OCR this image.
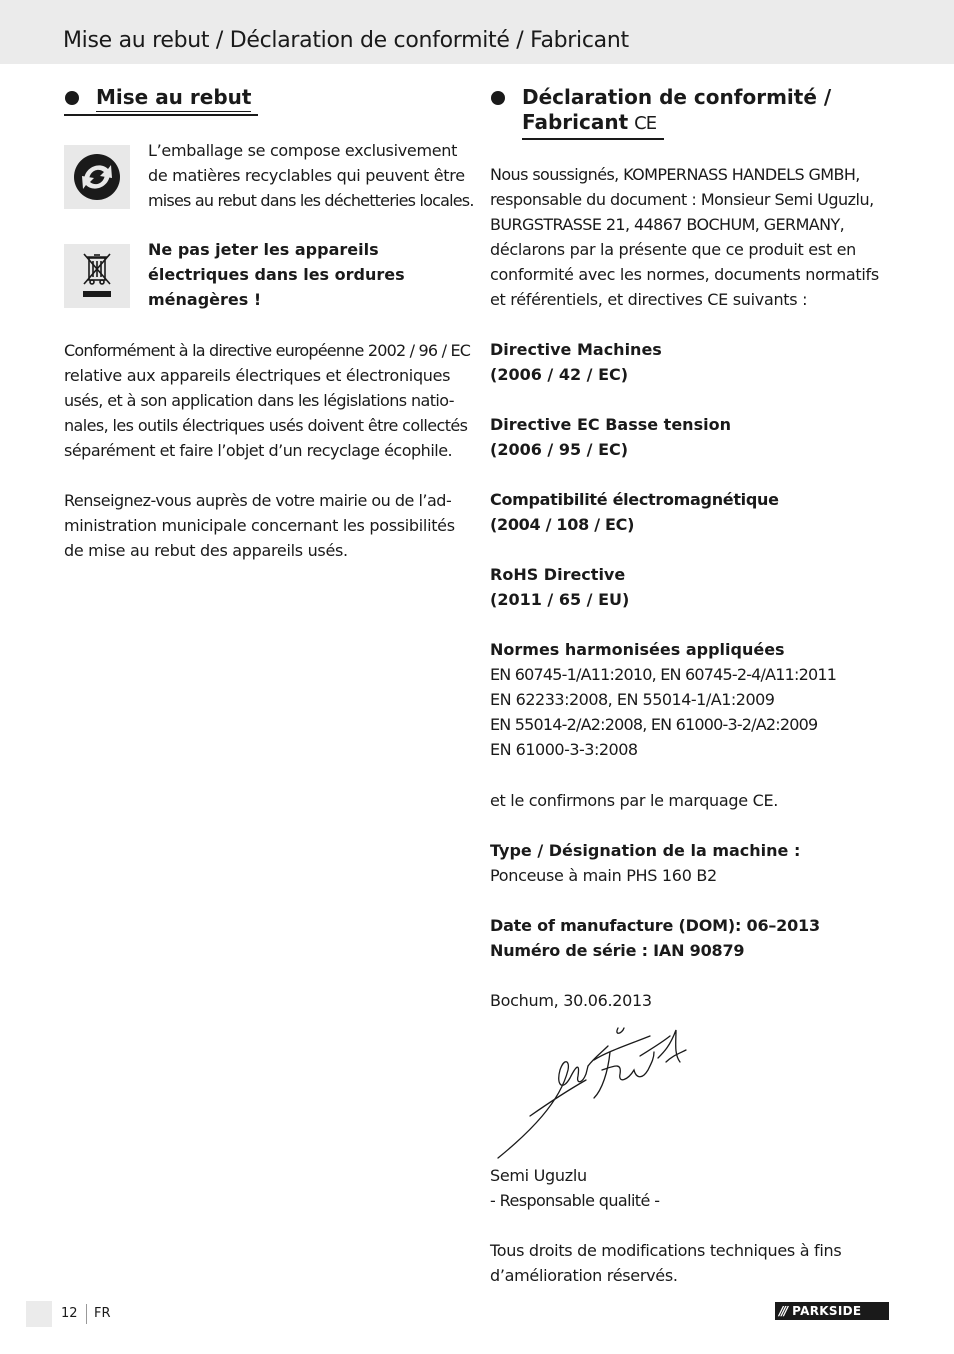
Mise au rebut / Déclaration de conformité / Fabricant
Mise au rebut
L’emballage se compose exclusivement
de matières recyclables qui peuvent être
mises au rebut dans les déchetteries locales.
Ne pas jeter les appareils
électriques dans les ordures
ménagères !
Conformément à la directive européenne 2002 / 96 / EC
relative aux appareils électriques et électroniques
usés, et à son application dans les législations natio-
nales, les outils électriques usés doivent être collectés
séparément et faire l’objet d’un recyclage écophile.
Renseignez-vous auprès de votre mairie ou de l’ad-
ministration municipale concernant les possibilités
de mise au rebut des appareils usés.
Déclaration de conformité /
Fabricant CE
Nous soussignés, KOMPERNASS HANDELS GMBH,
responsable du document : Monsieur Semi Uguzlu,
BURGSTRASSE 21, 44867 BOCHUM, GERMANY,
déclarons par la présente que ce produit est en
conformité avec les normes, documents normatifs
et référentiels, et directives CE suivants :
Directive Machines
(2006 / 42 / EC)
Directive EC Basse tension
(2006 / 95 / EC)
Compatibilité électromagnétique
(2004 / 108 / EC)
RoHS Directive
(2011 / 65 / EU)
Normes harmonisées appliquées
EN 60745-1/A11:2010, EN 60745-2-4/A11:2011
EN 62233:2008, EN 55014-1/A1:2009
EN 55014-2/A2:2008, EN 61000-3-2/A2:2009
EN 61000-3-3:2008
et le confirmons par le marquage CE.
Type / Désignation de la machine :
Ponceuse à main PHS 160 B2
Date of manufacture (DOM): 06–2013
Numéro de série : IAN 90879
Bochum, 30.06.2013
Semi Uguzlu
- Responsable qualité -
Tous droits de modifications techniques à fins
d’amélioration réservés.
12 FR	/// PARKSIDE
